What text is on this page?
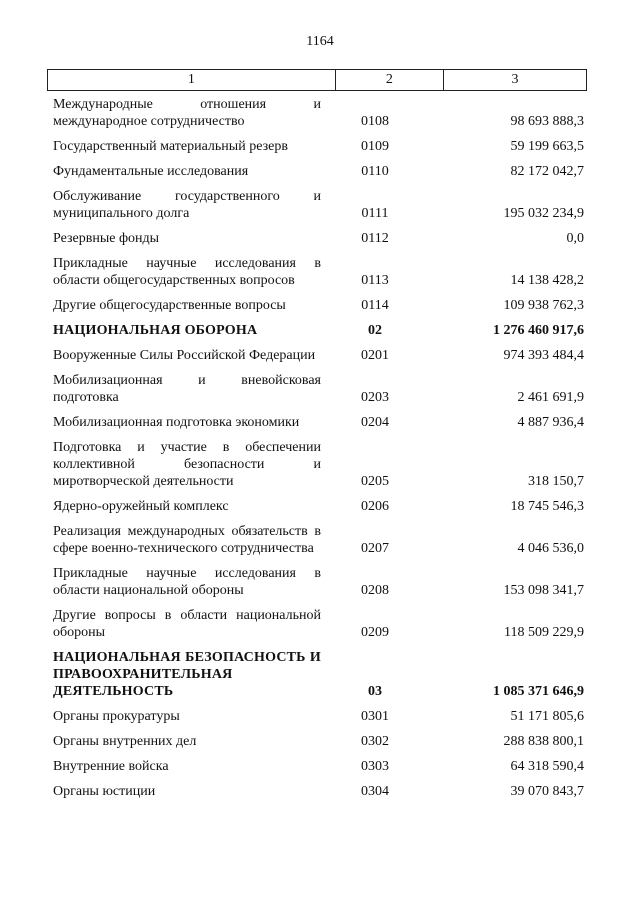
1164
1	2	3
Международные отношения и международное сотрудничество	0108	98 693 888,3
Государственный материальный резерв	0109	59 199 663,5
Фундаментальные исследования	0110	82 172 042,7
Обслуживание государственного и муниципального долга	0111	195 032 234,9
Резервные фонды	0112	0,0
Прикладные научные исследования в области общегосударственных вопросов	0113	14 138 428,2
Другие общегосударственные вопросы	0114	109 938 762,3
НАЦИОНАЛЬНАЯ ОБОРОНА	02	1 276 460 917,6
Вооруженные Силы Российской Федерации	0201	974 393 484,4
Мобилизационная и вневойсковая подготовка	0203	2 461 691,9
Мобилизационная подготовка экономики	0204	4 887 936,4
Подготовка и участие в обеспечении коллективной безопасности и миротворческой деятельности	0205	318 150,7
Ядерно-оружейный комплекс	0206	18 745 546,3
Реализация международных обязательств в сфере военно-технического сотрудничества	0207	4 046 536,0
Прикладные научные исследования в области национальной обороны	0208	153 098 341,7
Другие вопросы в области национальной обороны	0209	118 509 229,9
НАЦИОНАЛЬНАЯ БЕЗОПАСНОСТЬ И ПРАВООХРАНИТЕЛЬНАЯ ДЕЯТЕЛЬНОСТЬ	03	1 085 371 646,9
Органы прокуратуры	0301	51 171 805,6
Органы внутренних дел	0302	288 838 800,1
Внутренние войска	0303	64 318 590,4
Органы юстиции	0304	39 070 843,7
